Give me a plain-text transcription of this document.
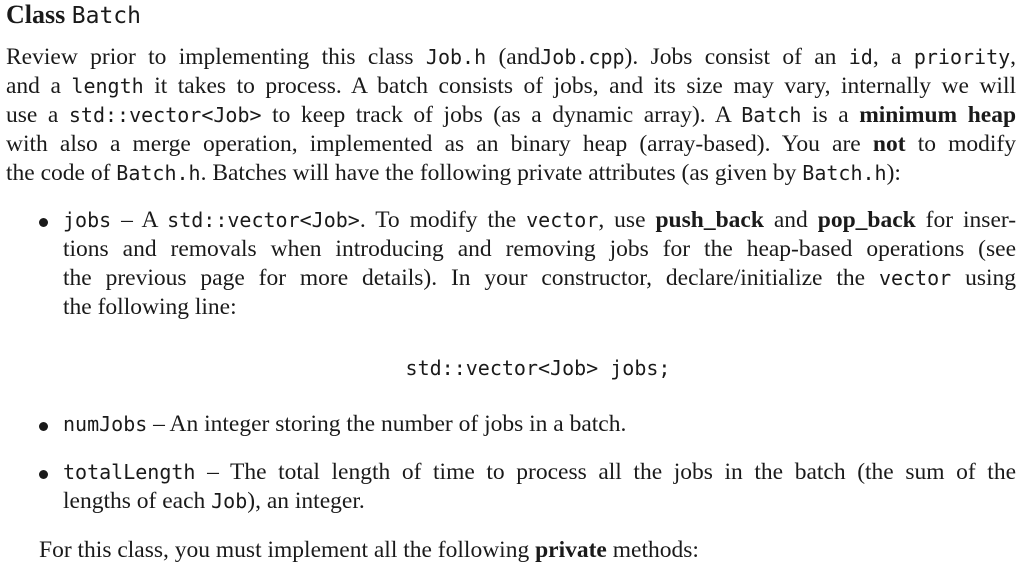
Class Batch
Review prior to implementing this class Job.h (andJob.cpp). Jobs consist of an id, a priority,
and a length it takes to process. A batch consists of jobs, and its size may vary, internally we will
use a std::vector<Job> to keep track of jobs (as a dynamic array). A Batch is a minimum heap
with also a merge operation, implemented as an binary heap (array-based). You are not to modify
the code of Batch.h. Batches will have the following private attributes (as given by Batch.h):
jobs – A std::vector<Job>. To modify the vector, use push_back and pop_back for inser-
tions and removals when introducing and removing jobs for the heap-based operations (see
the previous page for more details). In your constructor, declare/initialize the vector using
the following line:
std::vector<Job> jobs;
numJobs – An integer storing the number of jobs in a batch.
totalLength – The total length of time to process all the jobs in the batch (the sum of the
lengths of each Job), an integer.
For this class, you must implement all the following private methods:
